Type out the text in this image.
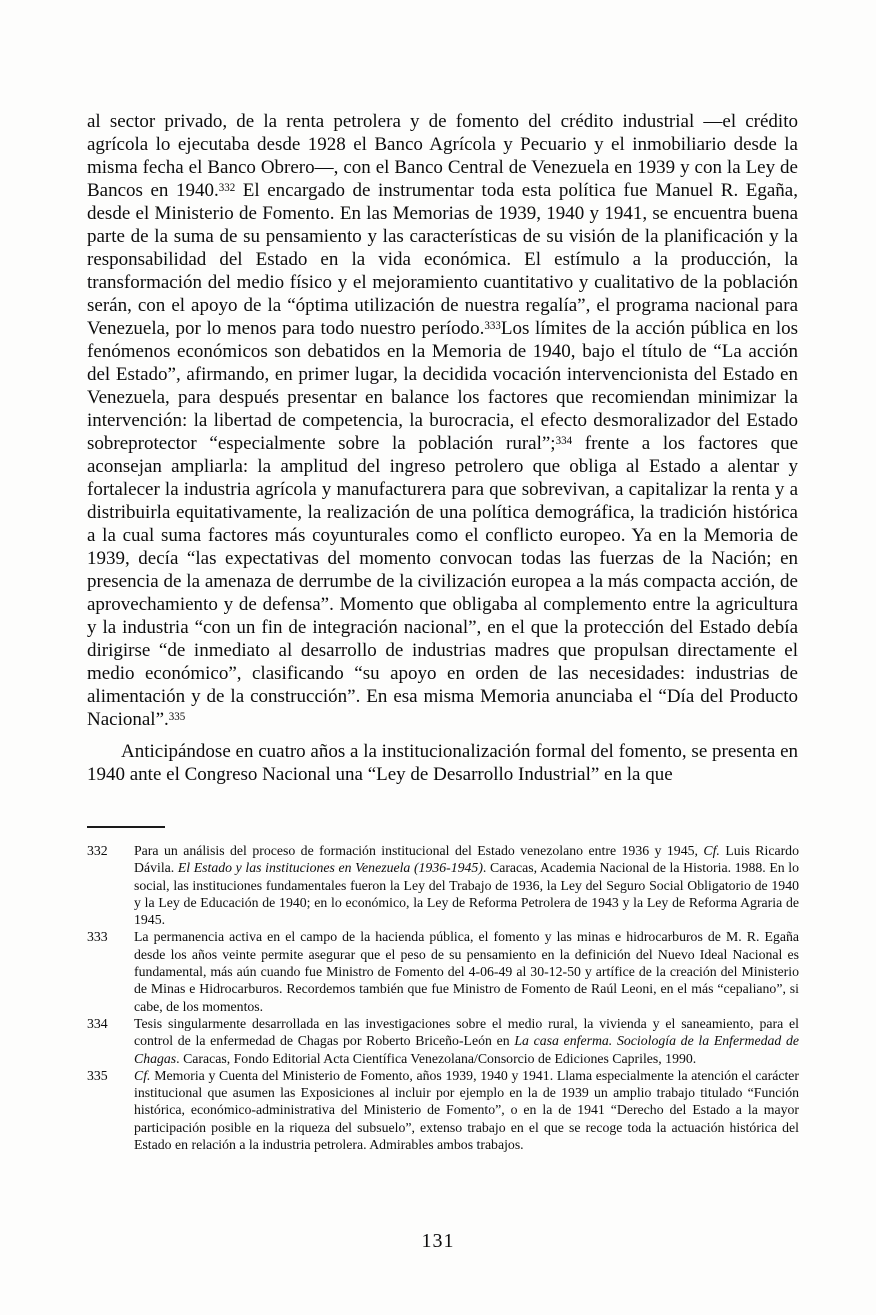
al sector privado, de la renta petrolera y de fomento del crédito industrial —el crédito agrícola lo ejecutaba desde 1928 el Banco Agrícola y Pecuario y el inmobiliario desde la misma fecha el Banco Obrero—, con el Banco Central de Venezuela en 1939 y con la Ley de Bancos en 1940.$^{332}$ El encargado de instrumentar toda esta política fue Manuel R. Egaña, desde el Ministerio de Fomento. En las Memorias de 1939, 1940 y 1941, se encuentra buena parte de la suma de su pensamiento y las características de su visión de la planificación y la responsabilidad del Estado en la vida económica. El estímulo a la producción, la transformación del medio físico y el mejoramiento cuantitativo y cualitativo de la población serán, con el apoyo de la “óptima utilización de nuestra regalía”, el programa nacional para Venezuela, por lo menos para todo nuestro período.$^{333}$Los límites de la acción pública en los fenómenos económicos son debatidos en la Memoria de 1940, bajo el título de “La acción del Estado”, afirmando, en primer lugar, la decidida vocación intervencionista del Estado en Venezuela, para después presentar en balance los factores que recomiendan minimizar la intervención: la libertad de competencia, la burocracia, el efecto desmoralizador del Estado sobreprotector “especialmente sobre la población rural”;$^{334}$ frente a los factores que aconsejan ampliarla: la amplitud del ingreso petrolero que obliga al Estado a alentar y fortalecer la industria agrícola y manufacturera para que sobrevivan, a capitalizar la renta y a distribuirla equitativamente, la realización de una política demográfica, la tradición histórica a la cual suma factores más coyunturales como el conflicto europeo. Ya en la Memoria de 1939, decía “las expectativas del momento convocan todas las fuerzas de la Nación; en presencia de la amenaza de derrumbe de la civilización europea a la más compacta acción, de aprovechamiento y de defensa”. Momento que obligaba al complemento entre la agricultura y la industria “con un fin de integración nacional”, en el que la protección del Estado debía dirigirse “de inmediato al desarrollo de industrias madres que propulsan directamente el medio económico”, clasificando “su apoyo en orden de las necesidades: industrias de alimentación y de la construcción”. En esa misma Memoria anunciaba el “Día del Producto Nacional”.$^{335}$

Anticipándose en cuatro años a la institucionalización formal del fomento, se presenta en 1940 ante el Congreso Nacional una “Ley de Desarrollo Industrial” en la que

332	Para un análisis del proceso de formación institucional del Estado venezolano entre 1936 y 1945, Cf. Luis Ricardo Dávila. El Estado y las instituciones en Venezuela (1936-1945). Caracas, Academia Nacional de la Historia. 1988. En lo social, las instituciones fundamentales fueron la Ley del Trabajo de 1936, la Ley del Seguro Social Obligatorio de 1940 y la Ley de Educación de 1940; en lo económico, la Ley de Reforma Petrolera de 1943 y la Ley de Reforma Agraria de 1945.
333	La permanencia activa en el campo de la hacienda pública, el fomento y las minas e hidrocarburos de M. R. Egaña desde los años veinte permite asegurar que el peso de su pensamiento en la definición del Nuevo Ideal Nacional es fundamental, más aún cuando fue Ministro de Fomento del 4-06-49 al 30-12-50 y artífice de la creación del Ministerio de Minas e Hidrocarburos. Recordemos también que fue Ministro de Fomento de Raúl Leoni, en el más “cepaliano”, si cabe, de los momentos.
334	Tesis singularmente desarrollada en las investigaciones sobre el medio rural, la vivienda y el saneamiento, para el control de la enfermedad de Chagas por Roberto Briceño-León en La casa enferma. Sociología de la Enfermedad de Chagas. Caracas, Fondo Editorial Acta Científica Venezolana/Consorcio de Ediciones Capriles, 1990.
335	Cf. Memoria y Cuenta del Ministerio de Fomento, años 1939, 1940 y 1941. Llama especialmente la atención el carácter institucional que asumen las Exposiciones al incluir por ejemplo en la de 1939 un amplio trabajo titulado “Función histórica, económico-administrativa del Ministerio de Fomento”, o en la de 1941 “Derecho del Estado a la mayor participación posible en la riqueza del subsuelo”, extenso trabajo en el que se recoge toda la actuación histórica del Estado en relación a la industria petrolera. Admirables ambos trabajos.
131
